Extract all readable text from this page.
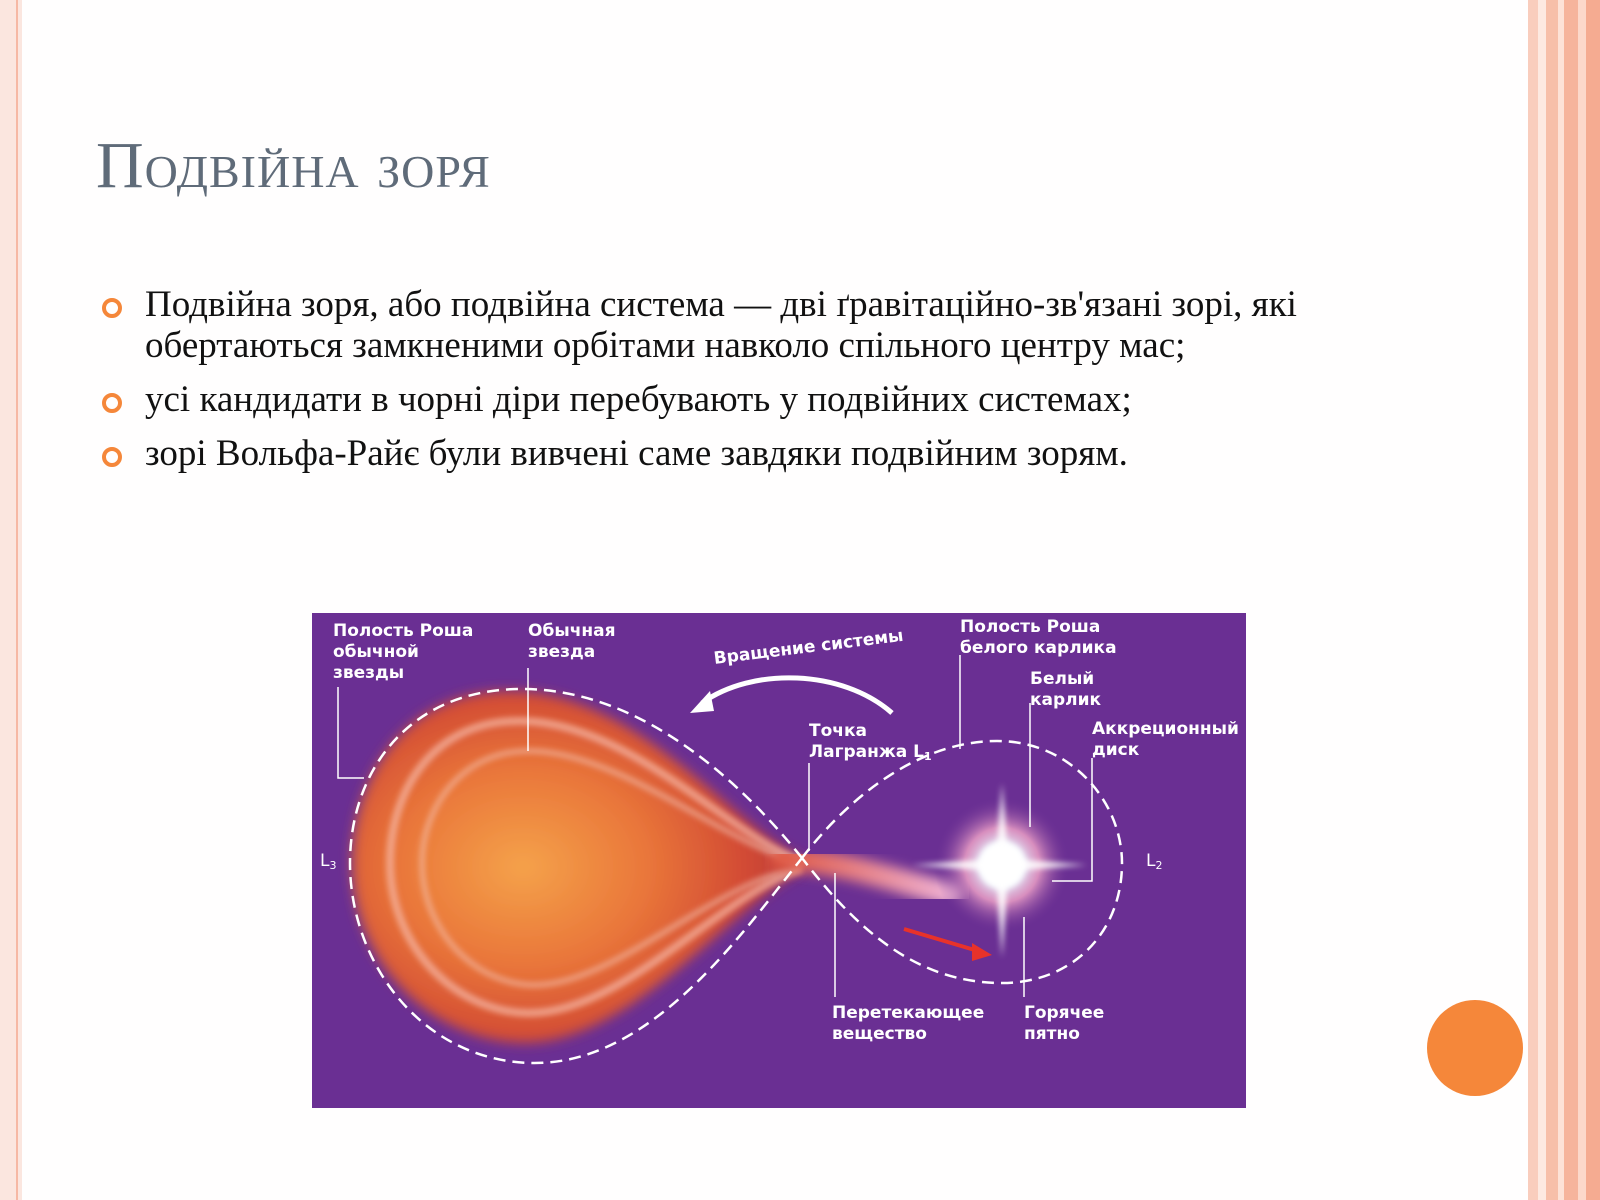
Подвійна зоря
Подвійна зоря, або подвійна система — дві ґравітаційно-зв'язані зорі, які обертаються замкненими орбітами навколо спільного центру мас;
усі кандидати в чорні діри перебувають у подвійних системах;
зорі Вольфа-Райє були вивчені саме завдяки подвійним зорям.
Полость Роша
обычной
звезды
Обычная
звезда	Вращение системы	Полость Роша
белого карлика
Белый
карлик
Аккреционный
диск
Точка
Лагранжа $L_1$
$L_3$	$L_2$
Перетекающее
вещество
Горячее
пятно
